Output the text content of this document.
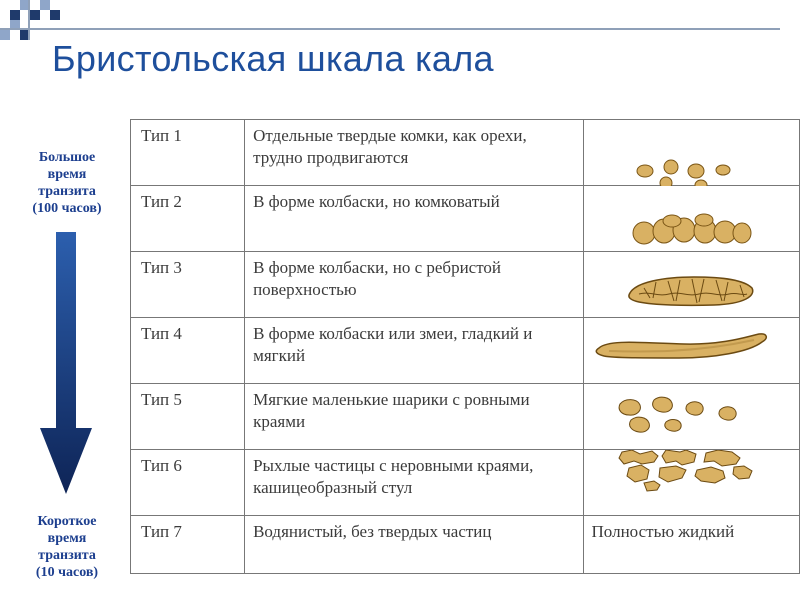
Бристольская шкала кала
Большое
время
транзита
(100 часов)
Короткое
время
транзита
(10 часов)
Тип 1	Отдельные твердые комки, как орехи, трудно продвигаются	

Тип 2	В форме колбаски, но комковатый	

Тип 3	В форме колбаски, но с ребристой поверхностью	

Тип 4	В форме колбаски или змеи, гладкий и мягкий	

Тип 5	Мягкие маленькие шарики с ровными краями	

Тип 6	Рыхлые частицы с неровными краями, кашицеобразный стул	

Тип 7	Водянистый, без твердых частиц	Полностью жидкий
